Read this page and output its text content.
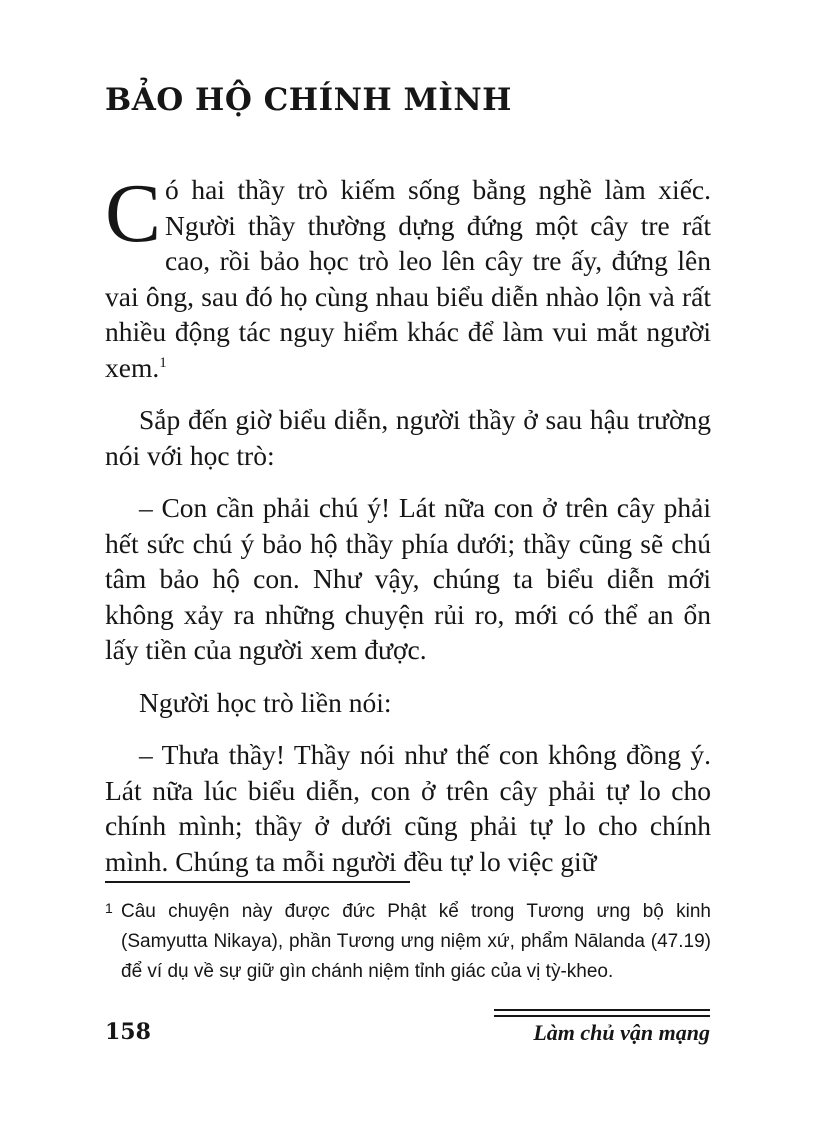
BẢO HỘ CHÍNH MÌNH

Có hai thầy trò kiếm sống bằng nghề làm xiếc. Người thầy thường dựng đứng một cây tre rất cao, rồi bảo học trò leo lên cây tre ấy, đứng lên vai ông, sau đó họ cùng nhau biểu diễn nhào lộn và rất nhiều động tác nguy hiểm khác để làm vui mắt người xem.$^1$

Sắp đến giờ biểu diễn, người thầy ở sau hậu trường nói với học trò:

– Con cần phải chú ý! Lát nữa con ở trên cây phải hết sức chú ý bảo hộ thầy phía dưới; thầy cũng sẽ chú tâm bảo hộ con. Như vậy, chúng ta biểu diễn mới không xảy ra những chuyện rủi ro, mới có thể an ổn lấy tiền của người xem được.

Người học trò liền nói:

– Thưa thầy! Thầy nói như thế con không đồng ý. Lát nữa lúc biểu diễn, con ở trên cây phải tự lo cho chính mình; thầy ở dưới cũng phải tự lo cho chính mình. Chúng ta mỗi người đều tự lo việc giữ

1 Câu chuyện này được đức Phật kể trong Tương ưng bộ kinh (Samyutta Nikaya), phần Tương ưng niệm xứ, phẩm Nālanda (47.19) để ví dụ về sự giữ gìn chánh niệm tỉnh giác của vị tỳ-kheo.
158	Làm chủ vận mạng
